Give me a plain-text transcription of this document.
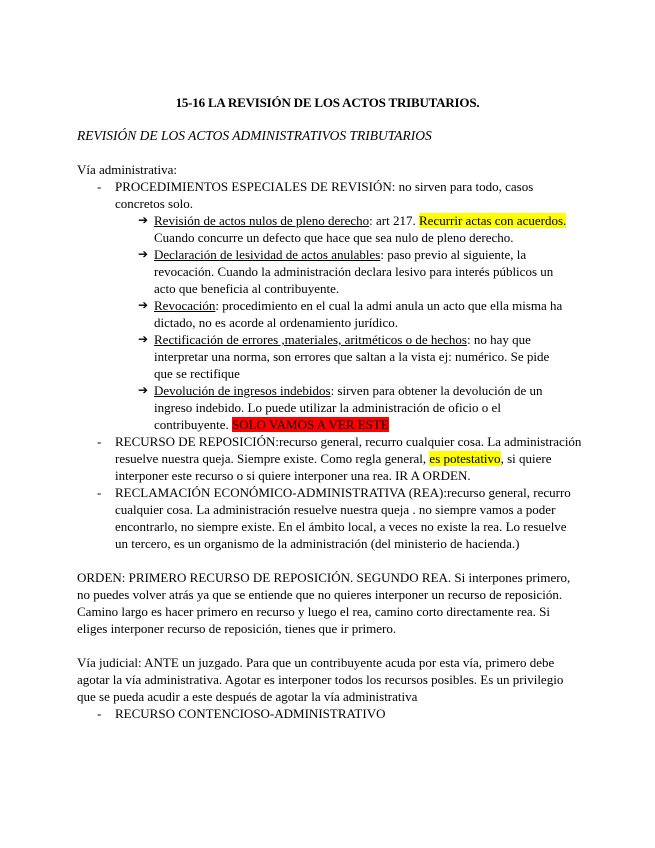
15-16 LA REVISIÓN DE LOS ACTOS TRIBUTARIOS.
REVISIÓN DE LOS ACTOS ADMINISTRATIVOS TRIBUTARIOS
Vía administrativa:
- PROCEDIMIENTOS ESPECIALES DE REVISIÓN: no sirven para todo, casos concretos solo.
➔ Revisión de actos nulos de pleno derecho: art 217. Recurrir actas con acuerdos. Cuando concurre un defecto que hace que sea nulo de pleno derecho.
➔ Declaración de lesividad de actos anulables: paso previo al siguiente, la revocación. Cuando la administración declara lesivo para interés públicos un acto que beneficia al contribuyente.
➔ Revocación: procedimiento en el cual la admi anula un acto que ella misma ha dictado, no es acorde al ordenamiento jurídico.
➔ Rectificación de errores ,materiales, aritméticos o de hechos: no hay que interpretar una norma, son errores que saltan a la vista ej: numérico. Se pide que se rectifique
➔ Devolución de ingresos indebidos: sirven para obtener la devolución de un ingreso indebido. Lo puede utilizar la administración de oficio o el contribuyente. SOLO VAMOS A VER ESTE
- RECURSO DE REPOSICIÓN:recurso general, recurro cualquier cosa. La administración resuelve nuestra queja. Siempre existe. Como regla general, es potestativo, si quiere interponer este recurso o si quiere interponer una rea. IR A ORDEN.
- RECLAMACIÓN ECONÓMICO-ADMINISTRATIVA (REA):recurso general, recurro cualquier cosa. La administración resuelve nuestra queja . no siempre vamos a poder encontrarlo, no siempre existe. En el ámbito local, a veces no existe la rea. Lo resuelve un tercero, es un organismo de la administración (del ministerio de hacienda.)
ORDEN: PRIMERO RECURSO DE REPOSICIÓN. SEGUNDO REA. Si interpones primero, no puedes volver atrás ya que se entiende que no quieres interponer un recurso de reposición. Camino largo es hacer primero en recurso y luego el rea, camino corto directamente rea. Si eliges interponer recurso de reposición, tienes que ir primero.
Vía judicial: ANTE un juzgado. Para que un contribuyente acuda por esta vía, primero debe agotar la vía administrativa. Agotar es interponer todos los recursos posibles. Es un privilegio que se pueda acudir a este después de agotar la vía administrativa
- RECURSO CONTENCIOSO-ADMINISTRATIVO
